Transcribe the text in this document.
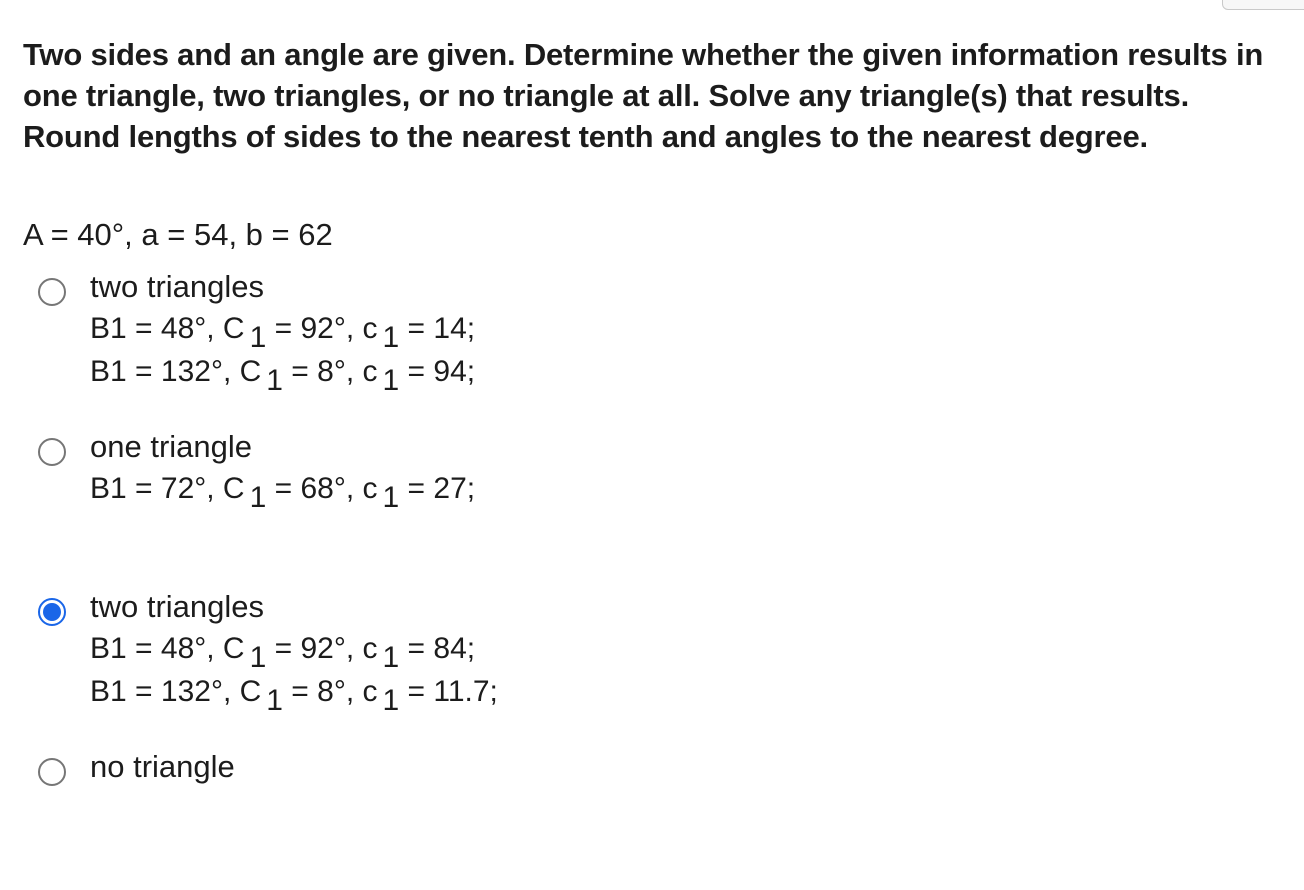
Two sides and an angle are given. Determine whether the given information results in one triangle, two triangles, or no triangle at all. Solve any triangle(s) that results. Round lengths of sides to the nearest tenth and angles to the nearest degree.

A = 40°, a = 54, b = 62

two triangles
B1 = 48°, C 1 = 92°, c 1 = 14;
B1 = 132°, C 1 = 8°, c 1 = 94;
one triangle
B1 = 72°, C 1 = 68°, c 1 = 27;
two triangles
B1 = 48°, C 1 = 92°, c 1 = 84;
B1 = 132°, C 1 = 8°, c 1 = 11.7;
no triangle
